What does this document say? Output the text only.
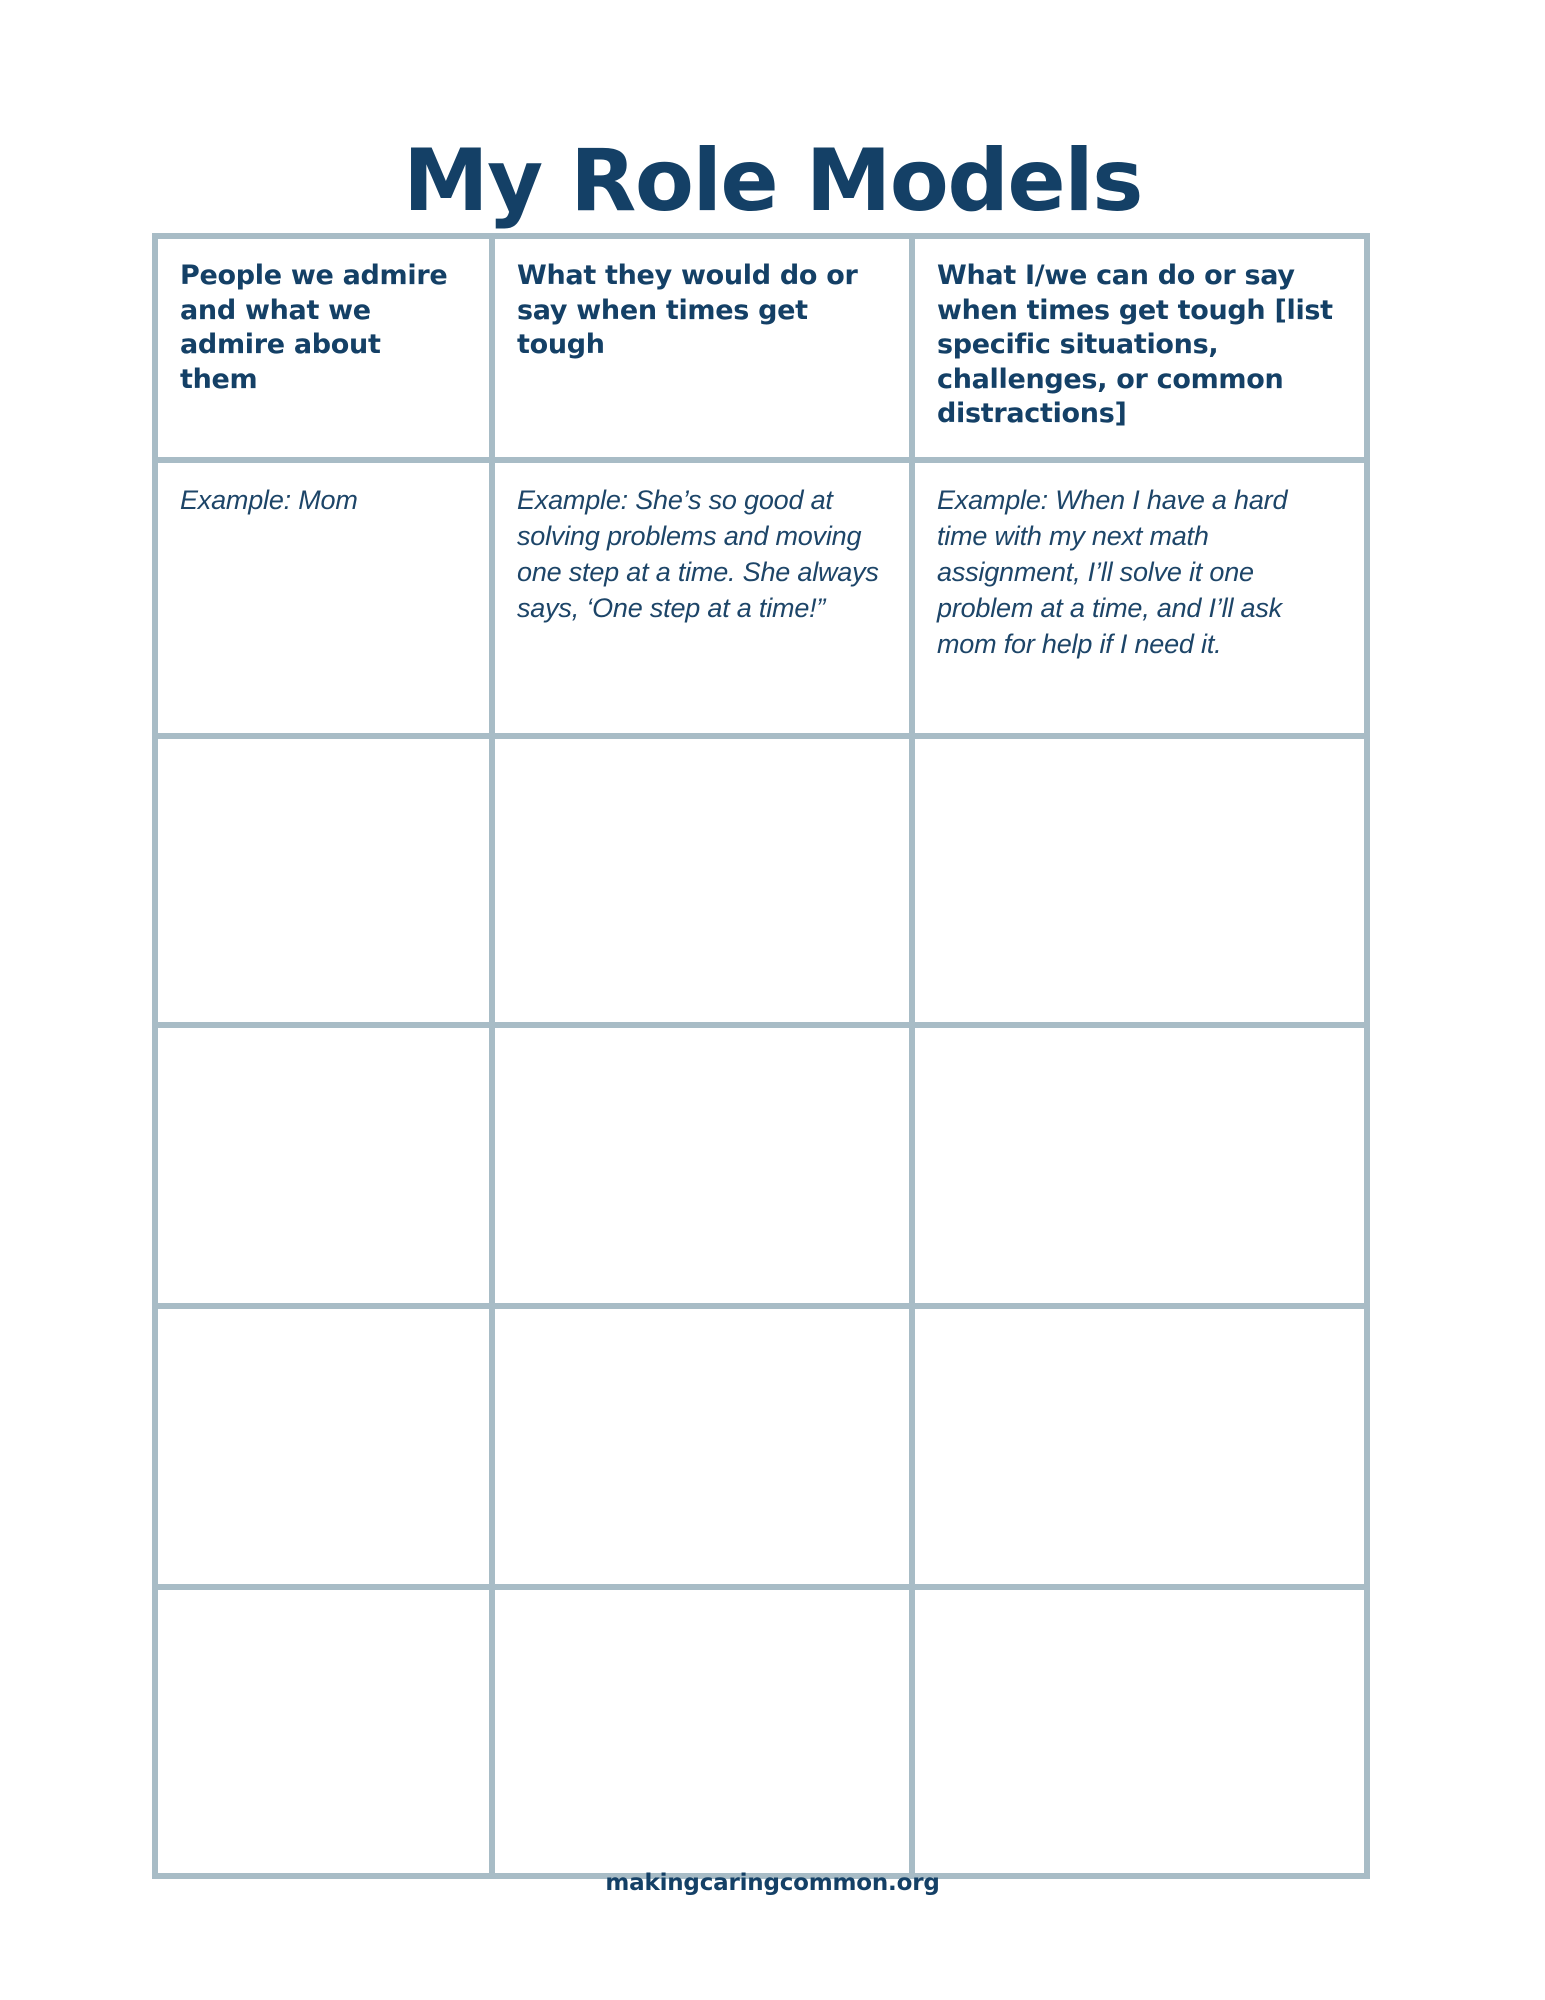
My Role Models
People we admire and what we admire about them	What they would do or say when times get tough	What I/we can do or say when times get tough [list specific situations, challenges, or common distractions]

Example: Mom	Example: She’s so good at solving problems and moving one step at a time. She always says, ‘One step at a time!”	Example: When I have a hard time with my next math assignment, I’ll solve it one problem at a time, and I’ll ask mom for help if I need it.

makingcaringcommon.org
